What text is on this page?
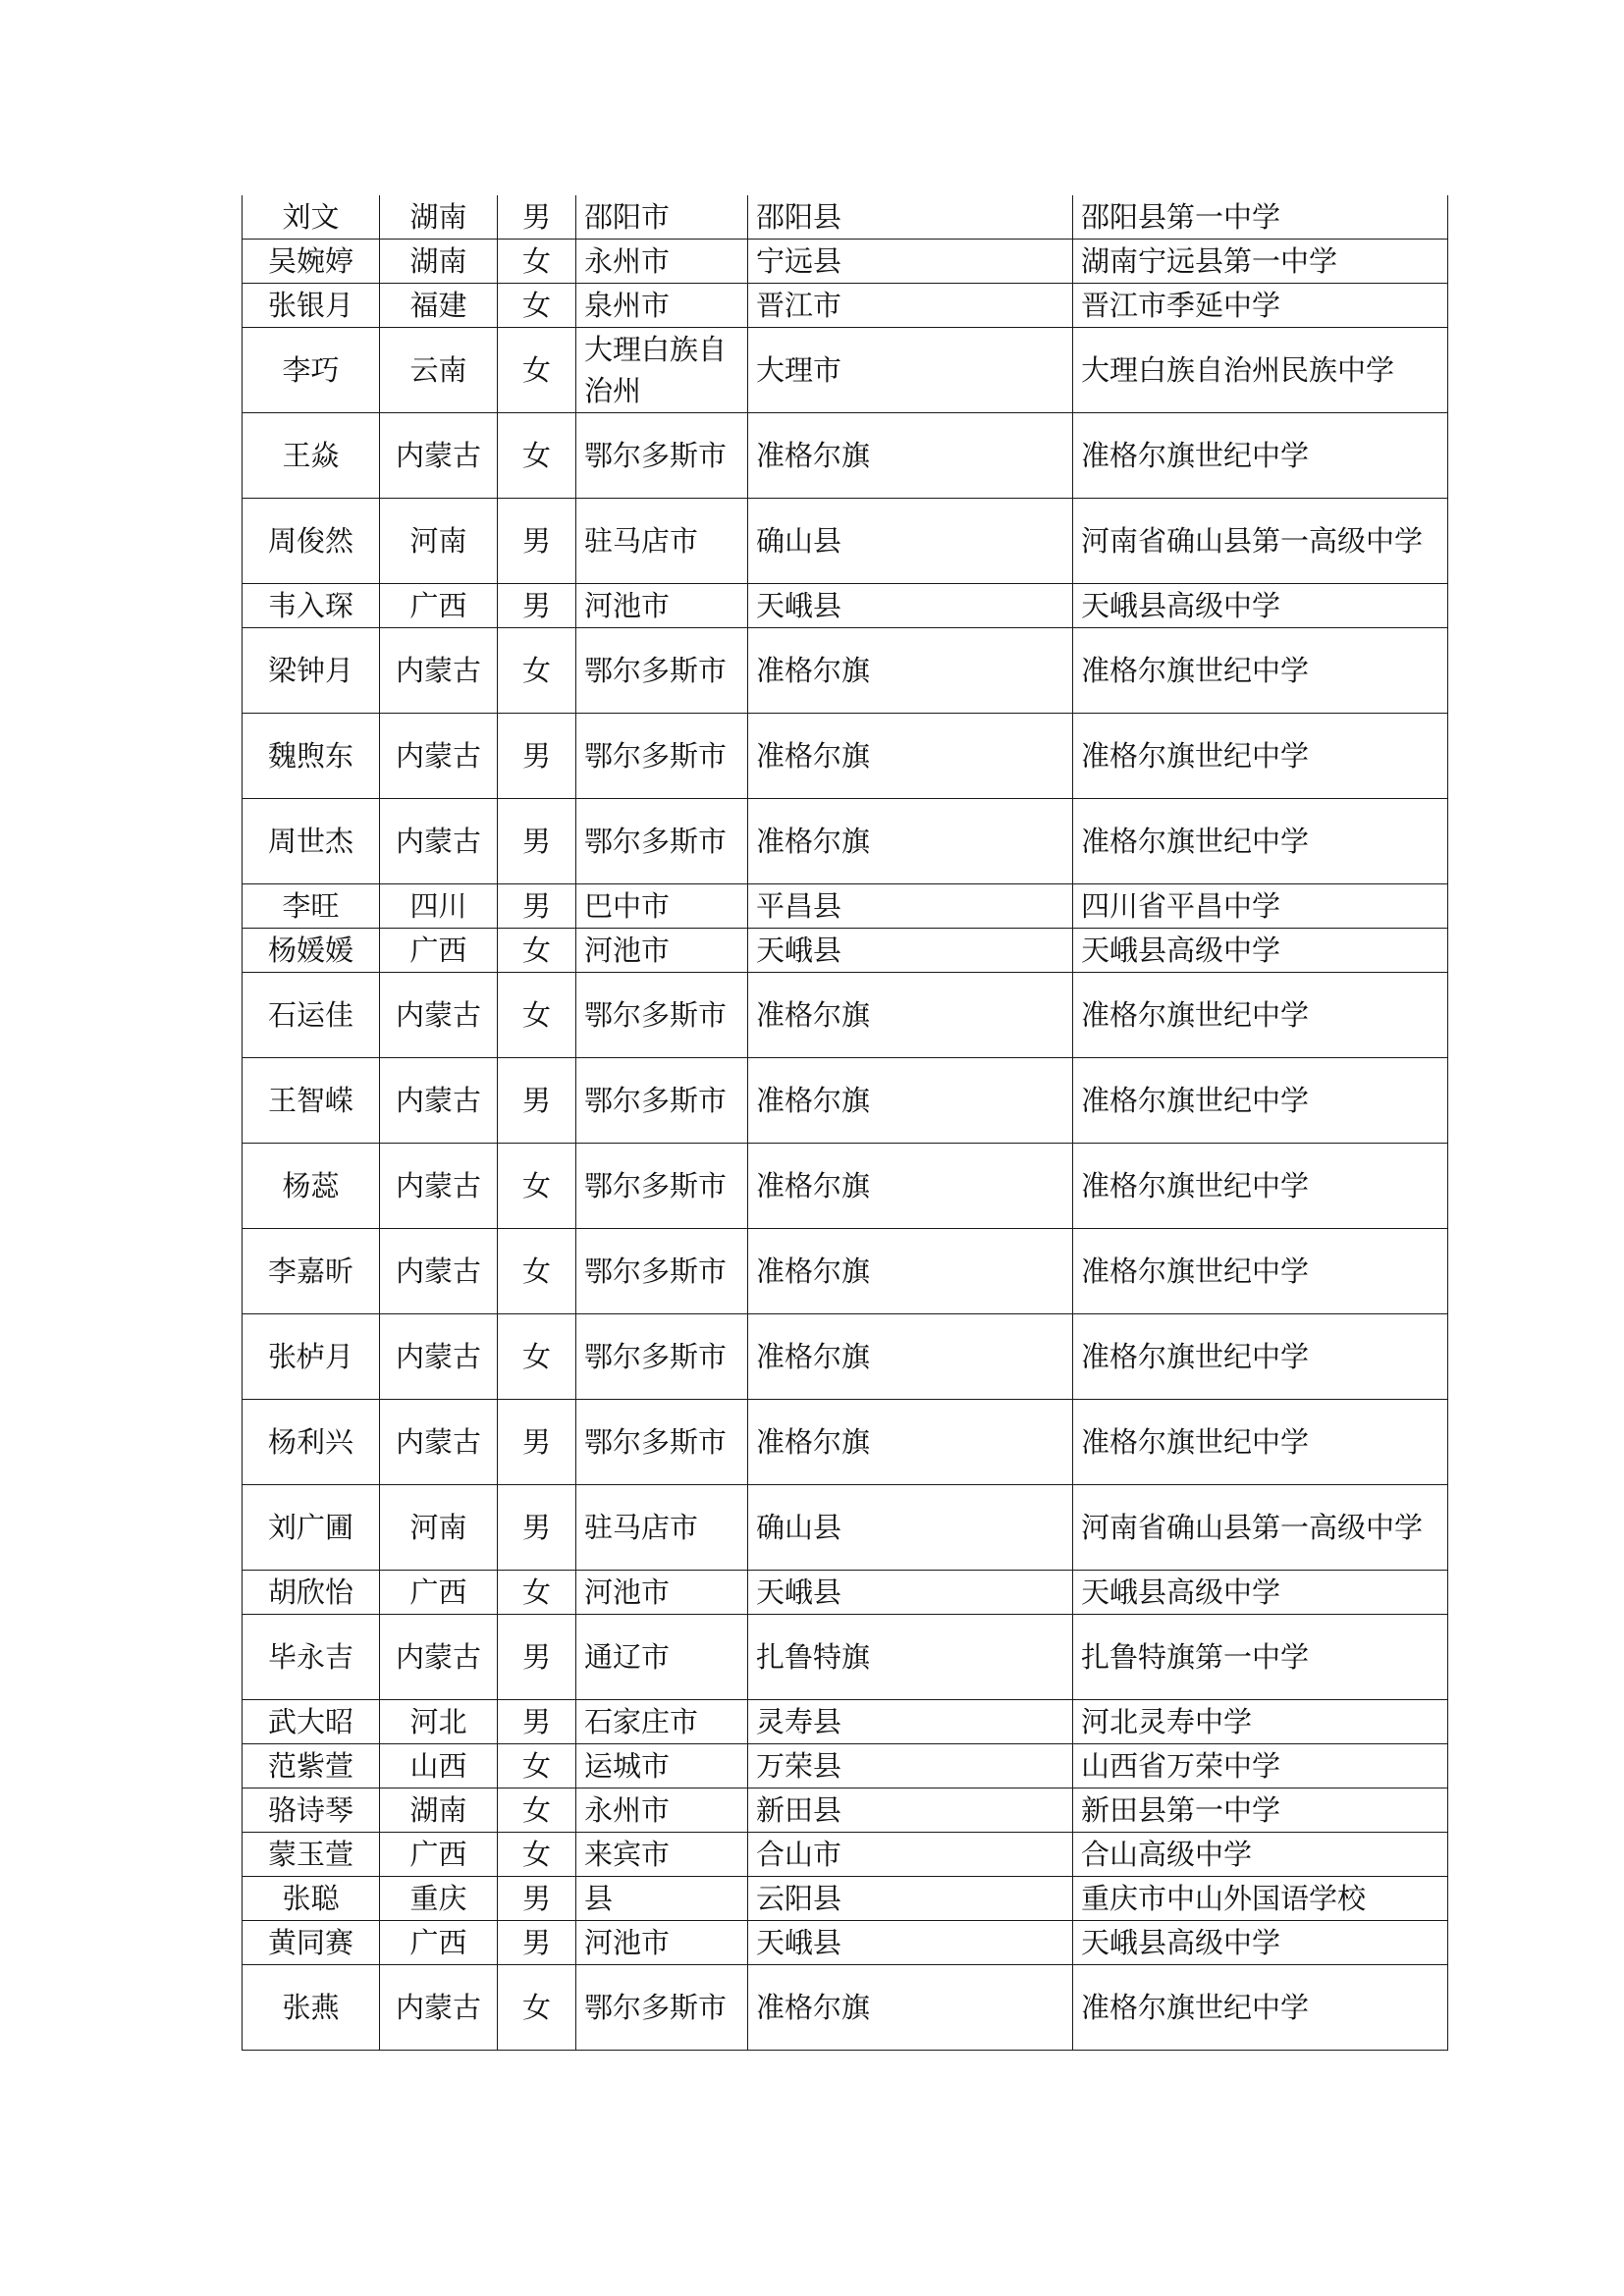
刘文	湖南	男	邵阳市	邵阳县	邵阳县第一中学
吴婉婷	湖南	女	永州市	宁远县	湖南宁远县第一中学
张银月	福建	女	泉州市	晋江市	晋江市季延中学
李巧	云南	女	大理白族自治州	大理市	大理白族自治州民族中学
王焱	内蒙古	女	鄂尔多斯市	准格尔旗	准格尔旗世纪中学
周俊然	河南	男	驻马店市	确山县	河南省确山县第一高级中学
韦入琛	广西	男	河池市	天峨县	天峨县高级中学
梁钟月	内蒙古	女	鄂尔多斯市	准格尔旗	准格尔旗世纪中学
魏煦东	内蒙古	男	鄂尔多斯市	准格尔旗	准格尔旗世纪中学
周世杰	内蒙古	男	鄂尔多斯市	准格尔旗	准格尔旗世纪中学
李旺	四川	男	巴中市	平昌县	四川省平昌中学
杨媛媛	广西	女	河池市	天峨县	天峨县高级中学
石运佳	内蒙古	女	鄂尔多斯市	准格尔旗	准格尔旗世纪中学
王智嵘	内蒙古	男	鄂尔多斯市	准格尔旗	准格尔旗世纪中学
杨蕊	内蒙古	女	鄂尔多斯市	准格尔旗	准格尔旗世纪中学
李嘉昕	内蒙古	女	鄂尔多斯市	准格尔旗	准格尔旗世纪中学
张栌月	内蒙古	女	鄂尔多斯市	准格尔旗	准格尔旗世纪中学
杨利兴	内蒙古	男	鄂尔多斯市	准格尔旗	准格尔旗世纪中学
刘广圃	河南	男	驻马店市	确山县	河南省确山县第一高级中学
胡欣怡	广西	女	河池市	天峨县	天峨县高级中学
毕永吉	内蒙古	男	通辽市	扎鲁特旗	扎鲁特旗第一中学
武大昭	河北	男	石家庄市	灵寿县	河北灵寿中学
范紫萱	山西	女	运城市	万荣县	山西省万荣中学
骆诗琴	湖南	女	永州市	新田县	新田县第一中学
蒙玉萱	广西	女	来宾市	合山市	合山高级中学
张聪	重庆	男	县	云阳县	重庆市中山外国语学校
黄同赛	广西	男	河池市	天峨县	天峨县高级中学
张燕	内蒙古	女	鄂尔多斯市	准格尔旗	准格尔旗世纪中学
